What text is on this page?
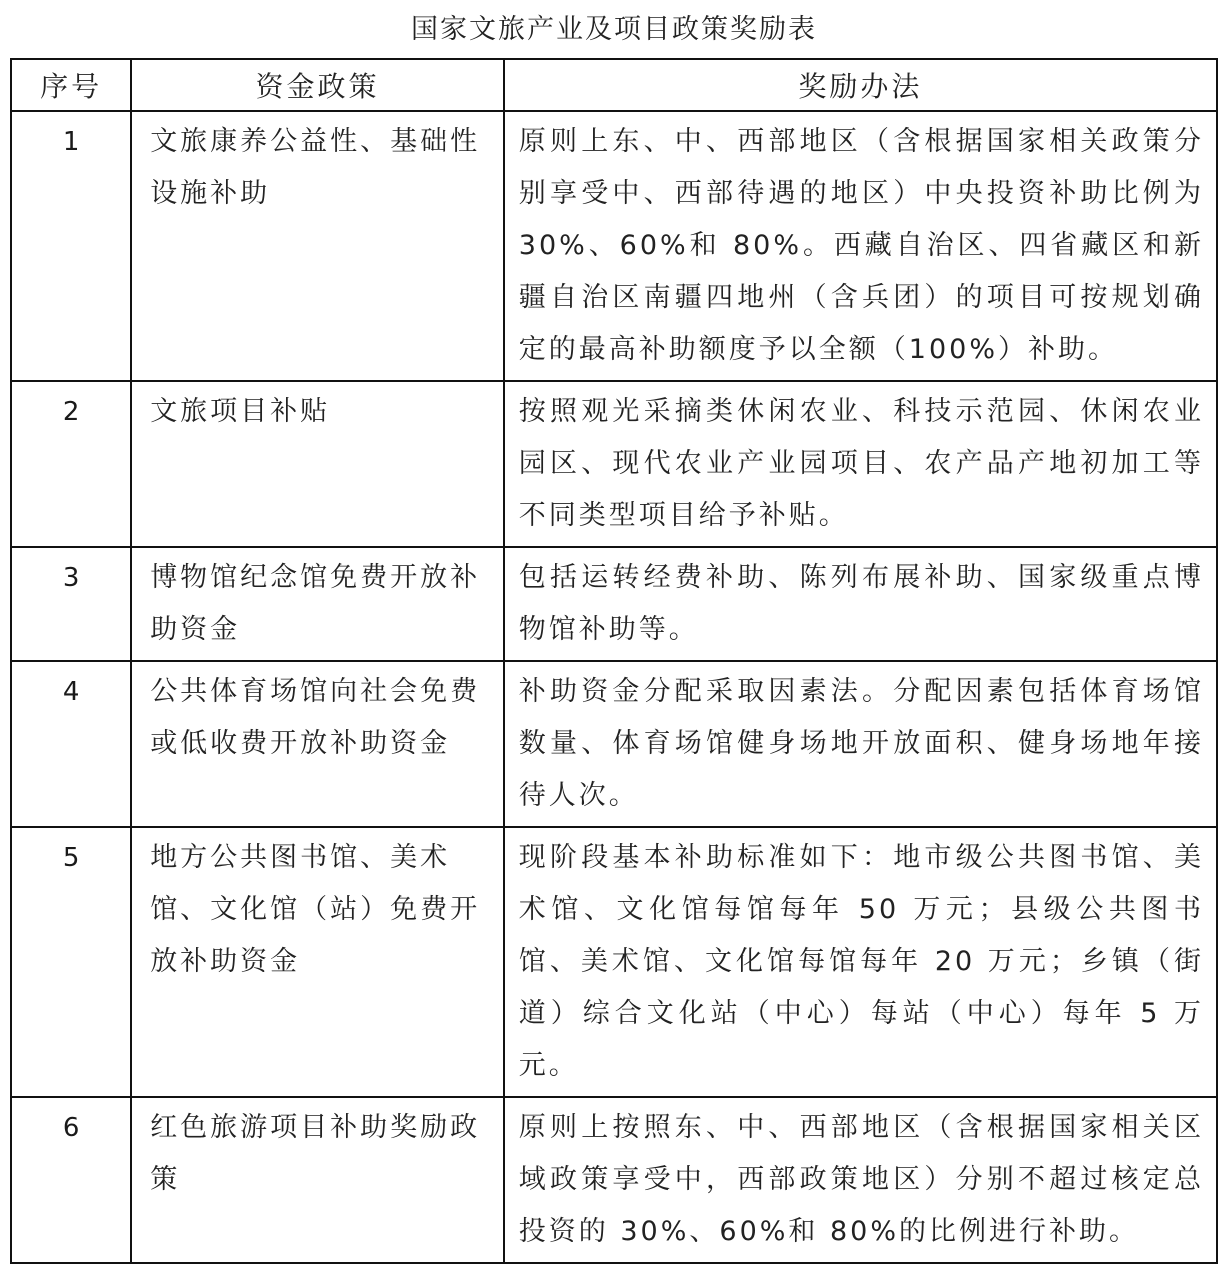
国家文旅产业及项目政策奖励表
序号	资金政策	奖励办法
1	文旅康养公益性、基础性设施补助	原则上东、中、西部地区（含根据国家相关政策分别享受中、西部待遇的地区）中央投资补助比例为30%、60%和 80%。西藏自治区、四省藏区和新疆自治区南疆四地州（含兵团）的项目可按规划确定的最高补助额度予以全额（100%）补助。
2	文旅项目补贴	按照观光采摘类休闲农业、科技示范园、休闲农业园区、现代农业产业园项目、农产品产地初加工等不同类型项目给予补贴。
3	博物馆纪念馆免费开放补助资金	包括运转经费补助、陈列布展补助、国家级重点博物馆补助等。
4	公共体育场馆向社会免费或低收费开放补助资金	补助资金分配采取因素法。分配因素包括体育场馆数量、体育场馆健身场地开放面积、健身场地年接待人次。
5	地方公共图书馆、美术馆、文化馆（站）免费开放补助资金	现阶段基本补助标准如下：地市级公共图书馆、美术馆、文化馆每馆每年 50 万元；县级公共图书馆、美术馆、文化馆每馆每年 20 万元；乡镇（街道）综合文化站（中心）每站（中心）每年 5 万元。
6	红色旅游项目补助奖励政策	原则上按照东、中、西部地区（含根据国家相关区域政策享受中，西部政策地区）分别不超过核定总投资的 30%、60%和 80%的比例进行补助。
